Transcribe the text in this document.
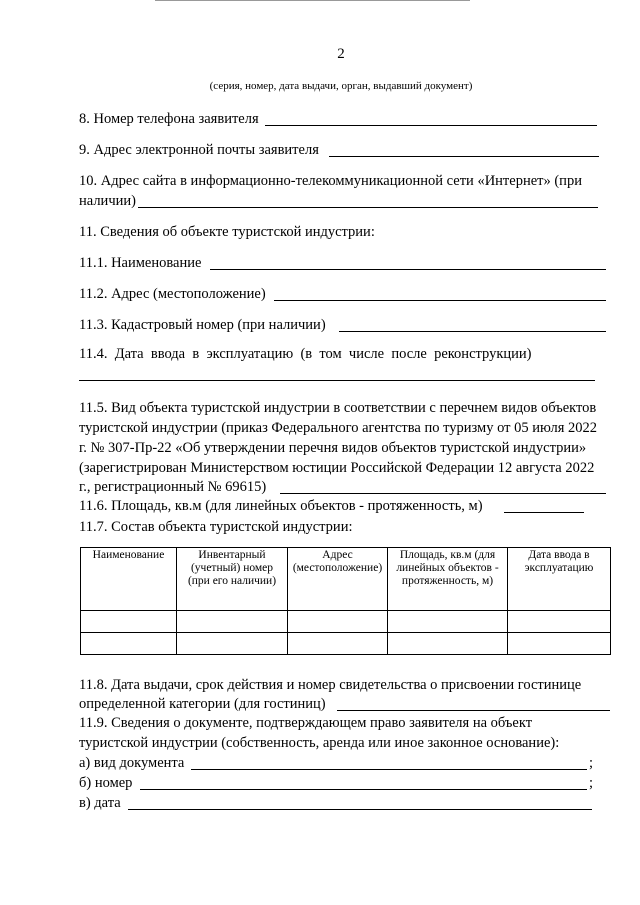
2
(серия, номер, дата выдачи, орган, выдавший документ)
8. Номер телефона заявителя
9. Адрес электронной почты заявителя
10. Адрес сайта в информационно-телекоммуникационной сети «Интернет» (при
наличии)
11. Сведения об объекте туристской индустрии:
11.1. Наименование
11.2. Адрес (местоположение)
11.3. Кадастровый номер (при наличии)
11.4.  Дата  ввода  в  эксплуатацию  (в  том  числе  после  реконструкции)
11.5. Вид объекта туристской индустрии в соответствии с перечнем видов объектов
туристской индустрии (приказ Федерального агентства по туризму от 05 июля 2022
г. № 307-Пр-22 «Об утверждении перечня видов объектов туристской индустрии»
(зарегистрирован Министерством юстиции Российской Федерации 12 августа 2022
г., регистрационный № 69615)
11.6. Площадь, кв.м (для линейных объектов - протяженность, м)
11.7. Состав объекта туристской индустрии:
Наименование	Инвентарный (учетный) номер (при его наличии)	Адрес (местоположение)	Площадь, кв.м (для линейных объектов - протяженность, м)	Дата ввода в эксплуатацию

11.8. Дата выдачи, срок действия и номер свидетельства о присвоении гостинице
определенной категории (для гостиниц)
11.9. Сведения о документе, подтверждающем право заявителя на объект
туристской индустрии (собственность, аренда или иное законное основание):
а) вид документа	;
б) номер	;
в) дата
